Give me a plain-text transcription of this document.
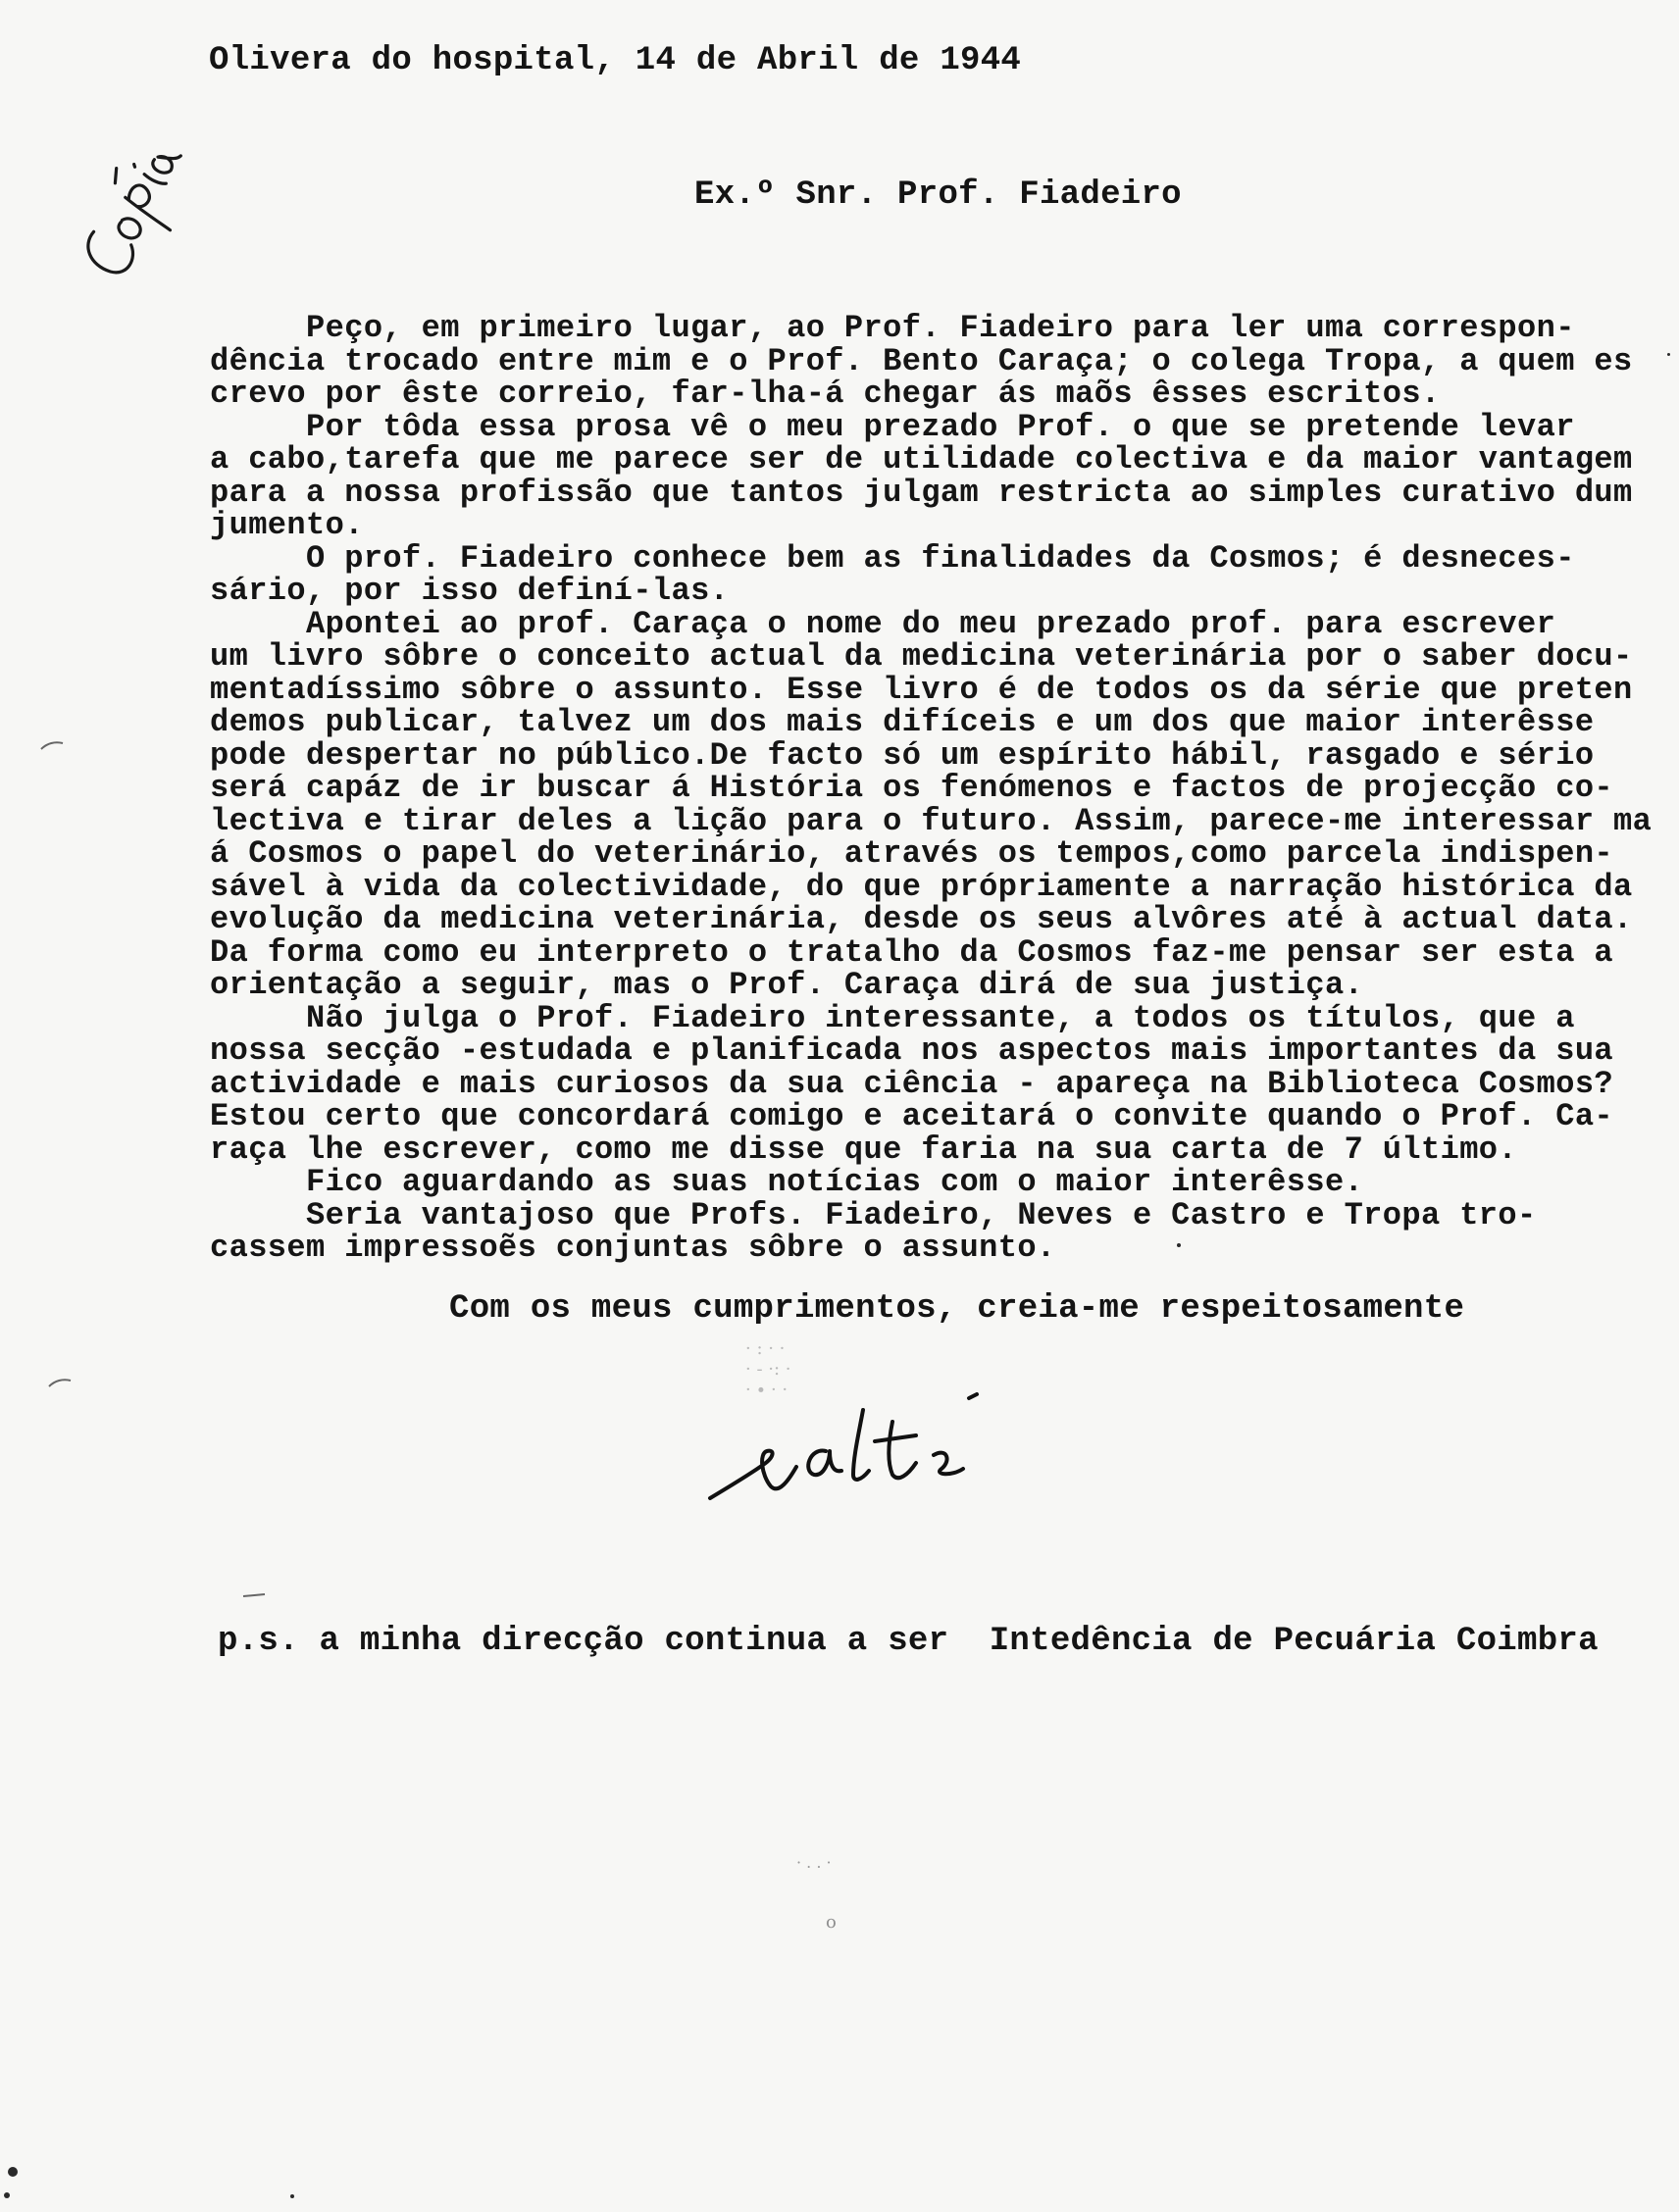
Olivera do hospital, 14 de Abril de 1944
Ex.º Snr. Prof. Fiadeiro
Peço, em primeiro lugar, ao Prof. Fiadeiro para ler uma correspon-
dência trocado entre mim e o Prof. Bento Caraça; o colega Tropa, a quem es
crevo por êste correio, far-lha-á chegar ás maõs êsses escritos.
Por tôda essa prosa vê o meu prezado Prof. o que se pretende levar
a cabo,tarefa que me parece ser de utilidade colectiva e da maior vantagem
para a nossa profissão que tantos julgam restricta ao simples curativo dum
jumento.
O prof. Fiadeiro conhece bem as finalidades da Cosmos; é desneces-
sário, por isso definí-las.
Apontei ao prof. Caraça o nome do meu prezado prof. para escrever
um livro sôbre o conceito actual da medicina veterinária por o saber docu-
mentadíssimo sôbre o assunto. Esse livro é de todos os da série que preten
demos publicar, talvez um dos mais difíceis e um dos que maior interêsse
pode despertar no público.De facto só um espírito hábil, rasgado e sério
será capáz de ir buscar á História os fenómenos e factos de projecção co-
lectiva e tirar deles a lição para o futuro. Assim, parece-me interessar ma
á Cosmos o papel do veterinário, através os tempos,como parcela indispen-
sável à vida da colectividade, do que própriamente a narração histórica da
evolução da medicina veterinária, desde os seus alvôres até à actual data.
Da forma como eu interpreto o tratalho da Cosmos faz-me pensar ser esta a
orientação a seguir, mas o Prof. Caraça dirá de sua justiça.
Não julga o Prof. Fiadeiro interessante, a todos os títulos, que a
nossa secção -estudada e planificada nos aspectos mais importantes da sua
actividade e mais curiosos da sua ciência - apareça na Biblioteca Cosmos?
Estou certo que concordará comigo e aceitará o convite quando o Prof. Ca-
raça lhe escrever, como me disse que faria na sua carta de 7 último.
Fico aguardando as suas notícias com o maior interêsse.
Seria vantajoso que Profs. Fiadeiro, Neves e Castro e Tropa tro-
cassem impressoẽs conjuntas sôbre o assunto.
Com os meus cumprimentos, creia-me respeitosamente
· : · ·
· ‑ ·: ·
· ∙ · ·
p.s. a minha direcção continua a ser  Intedência de Pecuária Coimbra
· . . ·
o
